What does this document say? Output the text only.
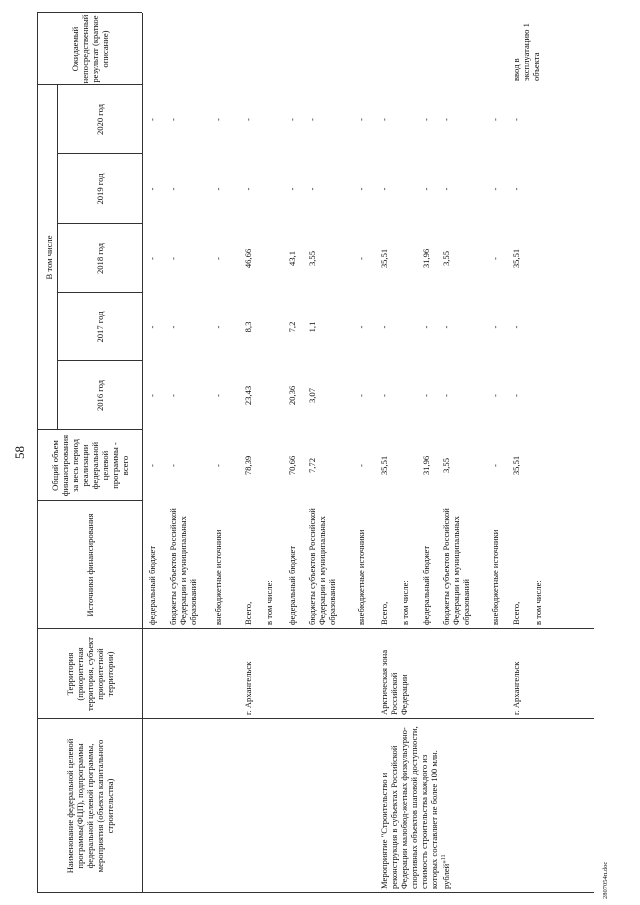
58
Наименование федеральной целевой программы(ФЦП), подпрограммы федеральной целевой программы, мероприятия (объекта капитального строительства)
Территория (приоритетная территория, субъект приоритетной территории)
Источники финансирования
Общий объем финансирования за весь период реализации федеральной целевой программы - всего
В том числе
2016 год
2017 год
2018 год
2019 год
2020 год
Ожидаемый непосредственный результат (краткое описание)
федеральный бюджет
-
-
-
-
-
-
бюджеты субъектов Российской Федерации и муниципальных образований
-
-
-
-
-
-
внебюджетные источники
-
-
-
-
-
-
Всего,
78,39
23,43
8,3
46,66
-
-
в том числе: федеральный бюджет
70,66
20,36
7,2
43,1
-
-
бюджеты субъектов Российской Федерации и муниципальных образований
7,72
3,07
1,1
3,55
-
-
внебюджетные источники
-
-
-
-
-
-
Всего,
35,51
-
-
35,51
-
-
в том числе: федеральный бюджет
31,96
-
-
31,96
-
-
бюджеты субъектов Российской Федерации и муниципальных образований
3,55
-
-
3,55
-
-
внебюджетные источники
-
-
-
-
-
-
Всего,
35,51
-
-
35,51
-
-
в том числе:
г. Архангельск	Арктическая зона Российской Федерации	г. Архангельск
Мероприятие "Строительство и реконструкция в субъектах Российской Федерации малобюд-жетных физкультурно-спортивных объектов шаговой доступности, стоимость строительства каждого из которых составляет не более 100 млн. рублей"$^{11}$
ввод в эксплуатацию 1 объекта
2807054п.doc
